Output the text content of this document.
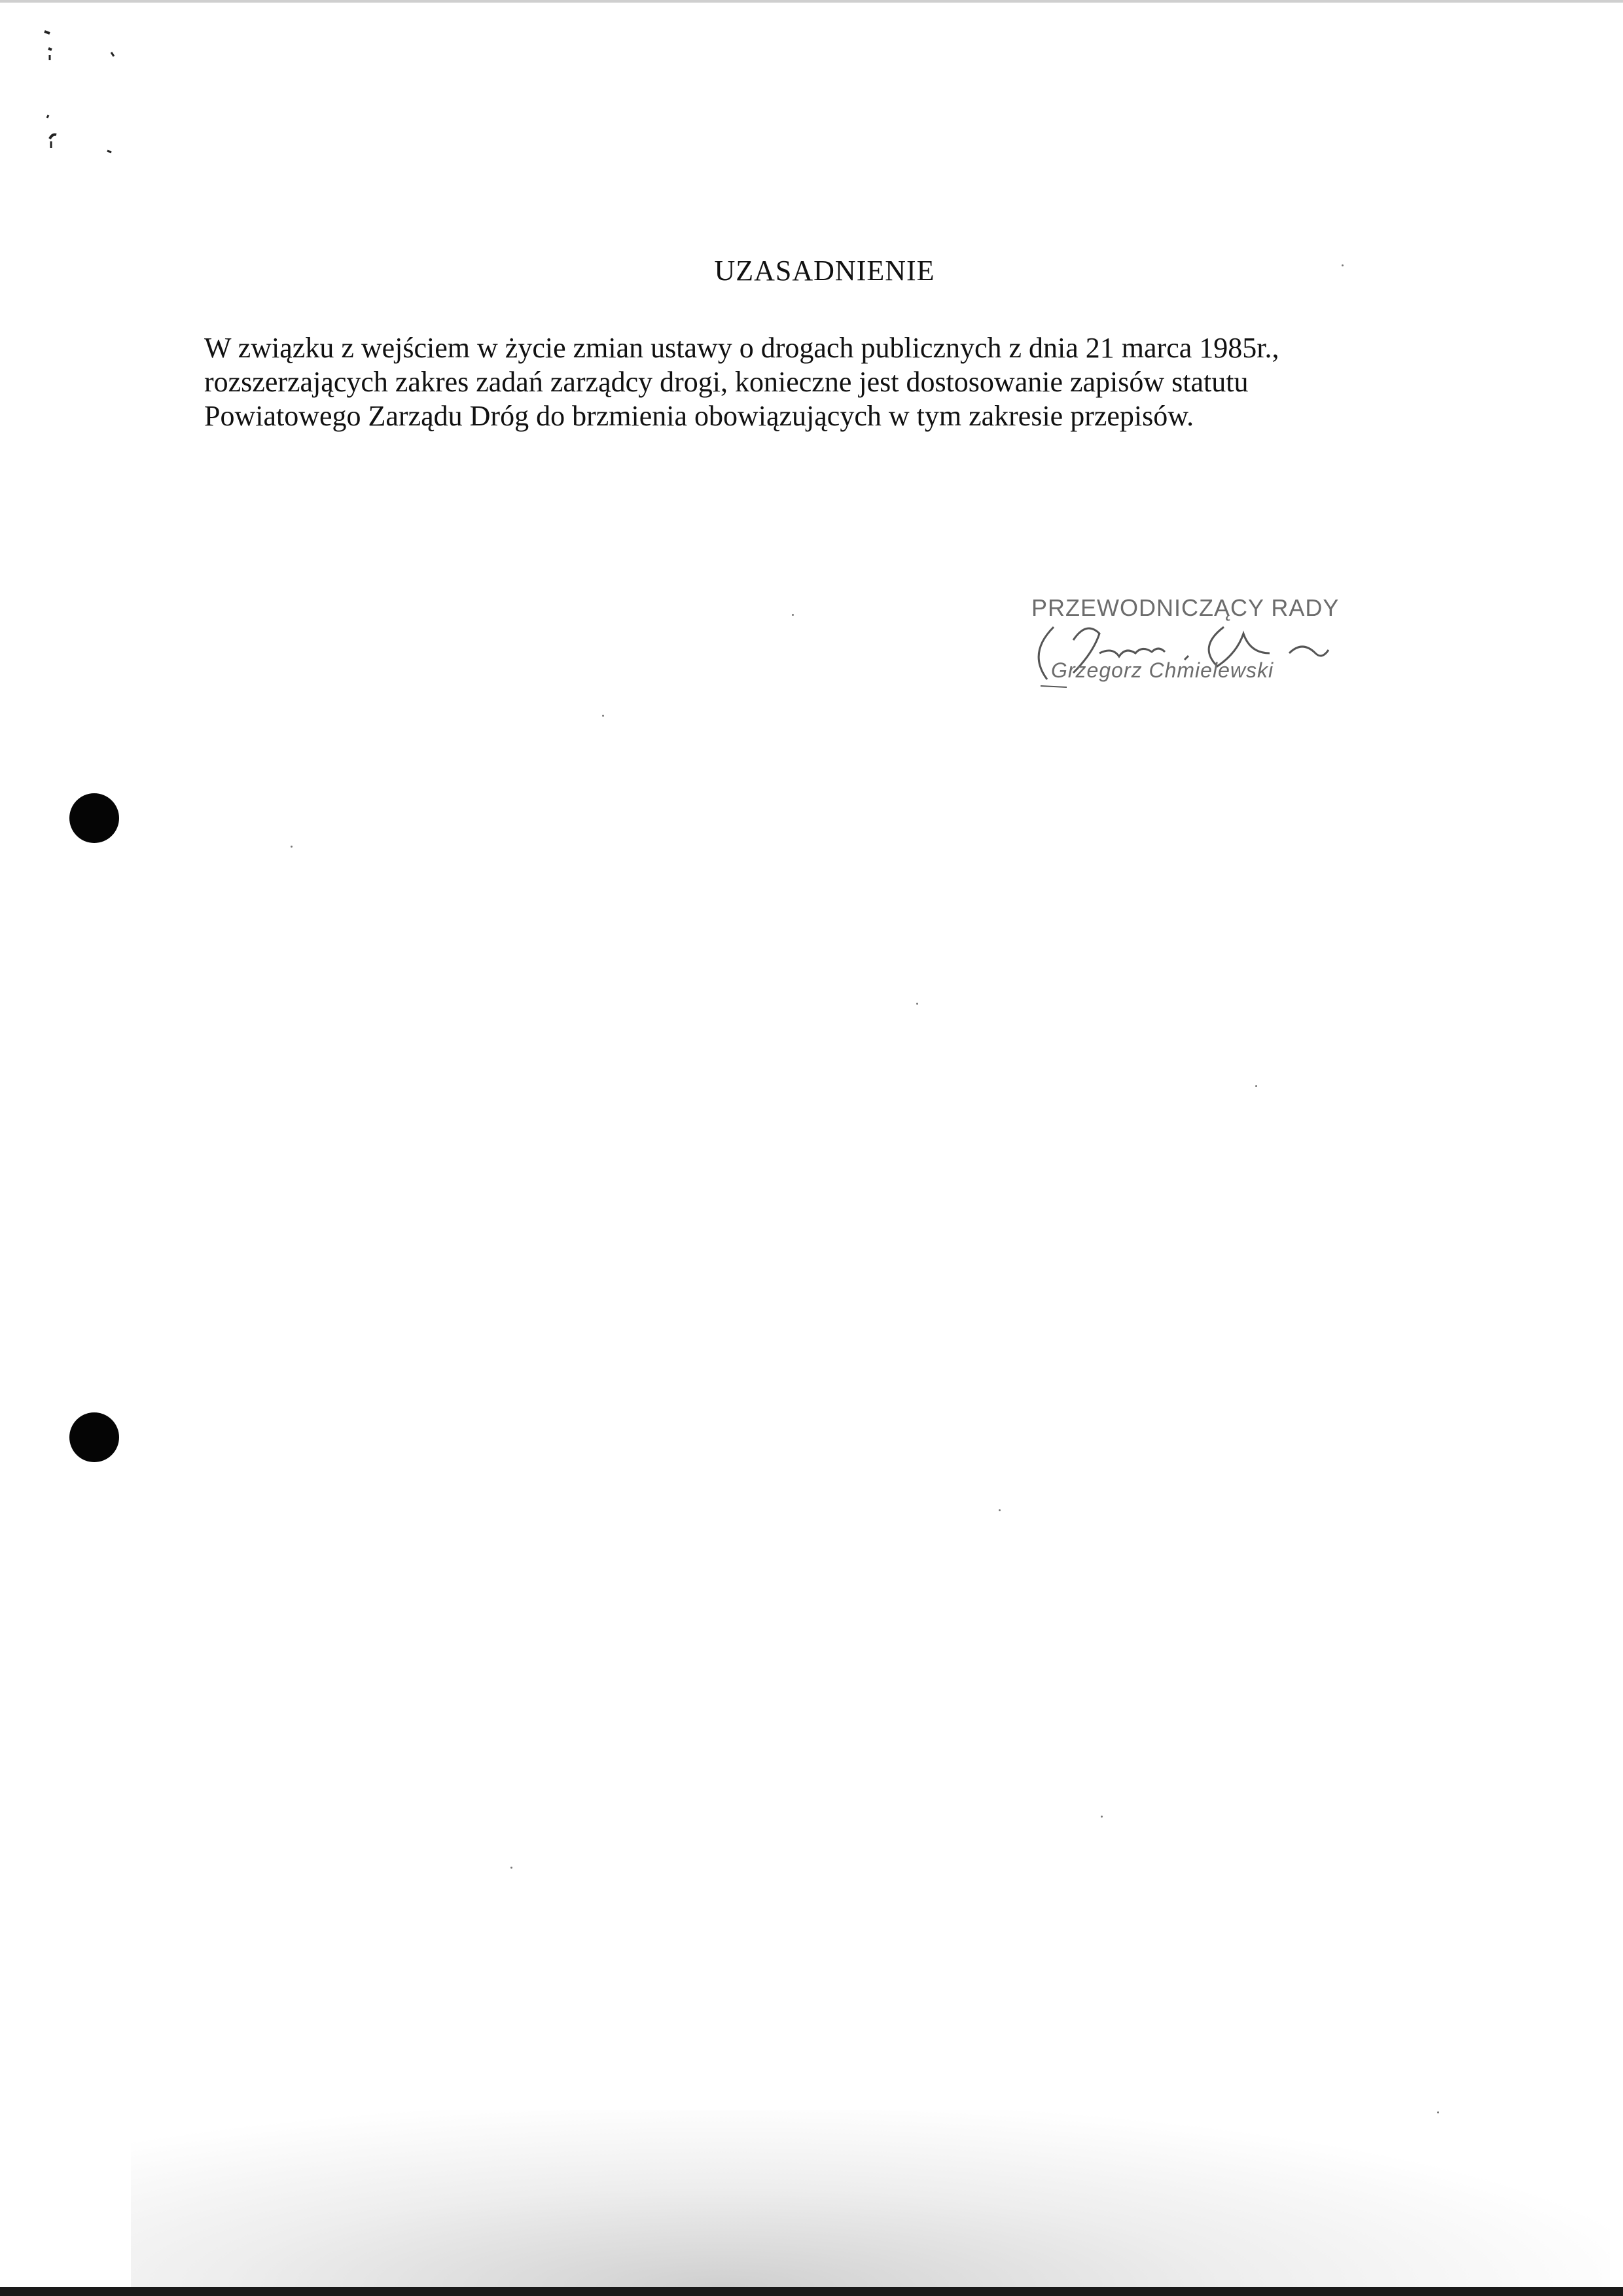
UZASADNIENIE

W związku z wejściem w życie zmian ustawy o drogach publicznych z dnia 21 marca 1985r.,

rozszerzających zakres zadań zarządcy drogi, konieczne jest dostosowanie zapisów statutu

Powiatowego Zarządu Dróg do brzmienia obowiązujących w tym zakresie przepisów.

PRZEWODNICZĄCY RADY
Grzegorz Chmielewski
